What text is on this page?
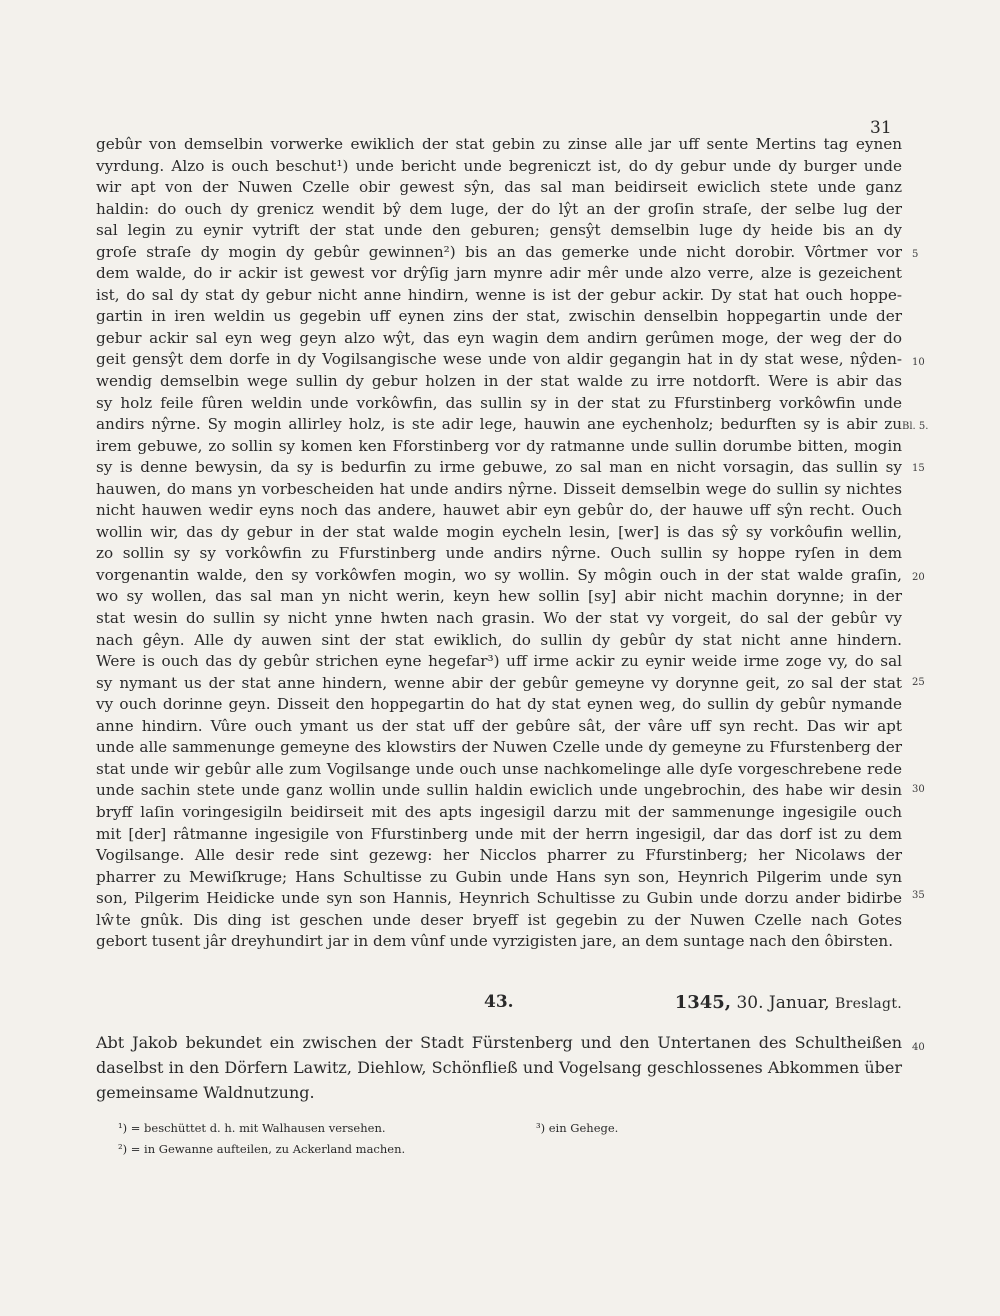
31
gebûr von demselbin vorwerke ewiklich der stat gebin zu zinse alle jar uff sente Mertins tag eynen
vyrdung. Alzo is ouch beschut¹) unde bericht unde begreniczt ist, do dy gebur unde dy burger unde
wir apt von der Nuwen Czelle obir gewest sŷn, das sal man beidirseit ewiclich stete unde ganz
haldin: do ouch dy grenicz wendit bŷ dem luge, der do lŷt an der groſin straſe, der selbe lug der
sal legin zu eynir vytrift der stat unde den geburen; gensŷt demselbin luge dy heide bis an dy
groſe straſe dy mogin dy gebûr gewinnen²) bis an das gemerke unde nicht dorobir. Vôrtmer vor
dem walde, do ir ackir ist gewest vor drŷſig jarn mynre adir mêr unde alzo verre, alze is gezeichent
ist, do sal dy stat dy gebur nicht anne hindirn, wenne is ist der gebur ackir. Dy stat hat ouch hoppe-
gartin in iren weldin us gegebin uff eynen zins der stat, zwischin denselbin hoppegartin unde der
gebur ackir sal eyn weg geyn alzo wŷt, das eyn wagin dem andirn gerûmen moge, der weg der do
geit gensŷt dem dorfe in dy Vogilsangische wese unde von aldir gegangin hat in dy stat wese, nŷden-
wendig demselbin wege sullin dy gebur holzen in der stat walde zu irre notdorft. Were is abir das
sy holz feile fûren weldin unde vorkôwfin, das sullin sy in der stat zu Ffurstinberg vorkôwfin unde
andirs nŷrne. Sy mogin allirley holz, is ste adir lege, hauwin ane eychenholz; bedurften sy is abir zu
irem gebuwe, zo sollin sy komen ken Fforstinberg vor dy ratmanne unde sullin dorumbe bitten, mogin
sy is denne bewysin, da sy is bedurfin zu irme gebuwe, zo sal man en nicht vorsagin, das sullin sy
hauwen, do mans yn vorbescheiden hat unde andirs nŷrne. Disseit demselbin wege do sullin sy nichtes
nicht hauwen wedir eyns noch das andere, hauwet abir eyn gebûr do, der hauwe uff sŷn recht. Ouch
wollin wir, das dy gebur in der stat walde mogin eycheln lesin, [wer] is das sŷ sy vorkôufin wellin,
zo sollin sy sy vorkôwfin zu Ffurstinberg unde andirs nŷrne. Ouch sullin sy hoppe ryſen in dem
vorgenantin walde, den sy vorkôwfen mogin, wo sy wollin. Sy môgin ouch in der stat walde graſin,
wo sy wollen, das sal man yn nicht werin, keyn hew sollin [sy] abir nicht machin dorynne; in der
stat wesin do sullin sy nicht ynne hwten nach grasin. Wo der stat vy vorgeit, do sal der gebûr vy
nach gêyn. Alle dy auwen sint der stat ewiklich, do sullin dy gebûr dy stat nicht anne hindern.
Were is ouch das dy gebûr strichen eyne hegefar³) uff irme ackir zu eynir weide irme zoge vy, do sal
sy nymant us der stat anne hindern, wenne abir der gebûr gemeyne vy dorynne geit, zo sal der stat
vy ouch dorinne geyn. Disseit den hoppegartin do hat dy stat eynen weg, do sullin dy gebûr nymande
anne hindirn. Vûre ouch ymant us der stat uff der gebûre sât, der vâre uff syn recht. Das wir apt
unde alle sammenunge gemeyne des klowstirs der Nuwen Czelle unde dy gemeyne zu Ffurstenberg der
stat unde wir gebûr alle zum Vogilsange unde ouch unse nachkomelinge alle dyſe vorgeschrebene rede
unde sachin stete unde ganz wollin unde sullin haldin ewiclich unde ungebrochin, des habe wir desin
bryff laſin voringesigiln beidirseit mit des apts ingesigil darzu mit der sammenunge ingesigile ouch
mit [der] râtmanne ingesigile von Ffurstinberg unde mit der herrn ingesigil, dar das dorf ist zu dem
Vogilsange. Alle desir rede sint gezewg: her Nicclos pharrer zu Ffurstinberg; her Nicolaws der
pharrer zu Mewiſkruge; Hans Schultisse zu Gubin unde Hans syn son, Heynrich Pilgerim unde syn
son, Pilgerim Heidicke unde syn son Hannis, Heynrich Schultisse zu Gubin unde dorzu ander bidirbe
lŵte gnûk. Dis ding ist geschen unde deser bryeff ist gegebin zu der Nuwen Czelle nach Gotes
gebort tusent jâr dreyhundirt jar in dem vûnf unde vyrzigisten jare, an dem suntage nach den ôbirsten.
5
Bl. 5.
10
15
20
25
30
35
40
43.	1345, 30. Januar, Breslagt.
Abt Jakob bekundet ein zwischen der Stadt Fürstenberg und den Untertanen des Schultheißen
daselbst in den Dörfern Lawitz, Diehlow, Schönfließ und Vogelsang geschlossenes Abkommen über
gemeinsame Waldnutzung.
¹) = beschüttet d. h. mit Walhausen versehen.
²) = in Gewanne aufteilen, zu Ackerland machen.
³) ein Gehege.
